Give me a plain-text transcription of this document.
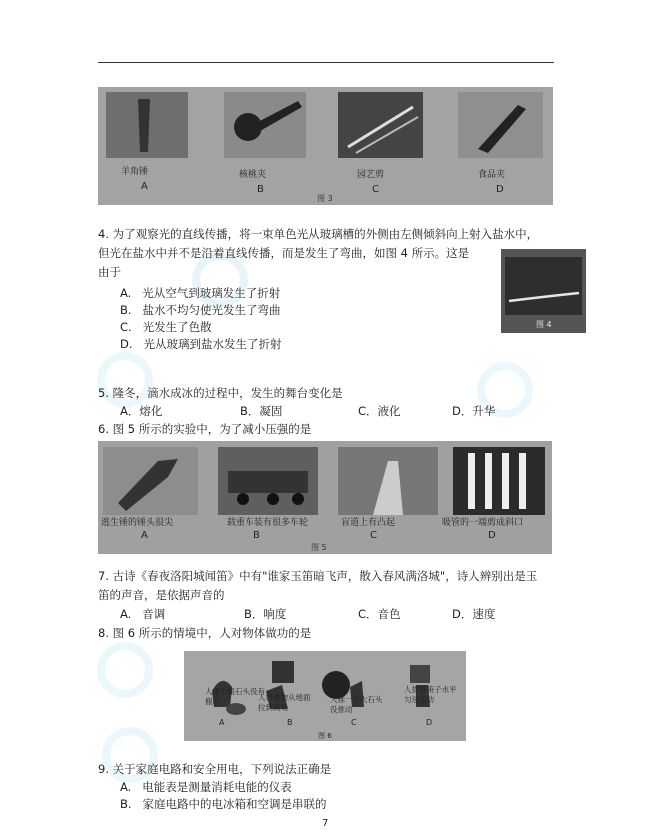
羊角锤	核桃夹	园艺剪	食品夹
A	B	C	D
图 3
4. 为了观察光的直线传播，将一束单色光从玻璃槽的外侧由左侧倾斜向上射入盐水中，
但光在盐水中并不是沿着直线传播，而是发生了弯曲，如图 4 所示。这是
由于
图 4
A. 光从空气到玻璃发生了折射
B. 盐水不均匀使光发生了弯曲
C. 光发生了色散
D. 光从玻璃到盐水发生了折射
5. 隆冬，滴水成冰的过程中，发生的舞台变化是
A．熔化	B．凝固	C．液化	D．升华
6. 图 5 所示的实验中，为了减小压强的是
逃生锤的锤头很尖	载重车装有很多车轮	盲道上有凸起	吸管的一端剪成斜口
A	B	C	D
图 5
7. 古诗《春夜洛阳城闻笛》中有"谁家玉笛暗飞声，散入春风满洛城"，诗人辨别出是玉
笛的声音，是依据声音的
A. 音调	B．响度	C．音色	D．速度
8. 图 6 所示的情境中，人对物体做功的是
人用力搬石头没有搬动	人将重物从地面拉到高处
人推一块大石头没推动
人提着箱子水平匀速运动
A	B	C	D
图 6
9. 关于家庭电路和安全用电，下列说法正确是
A. 电能表是测量消耗电能的仪表
B. 家庭电路中的电冰箱和空调是串联的
7
